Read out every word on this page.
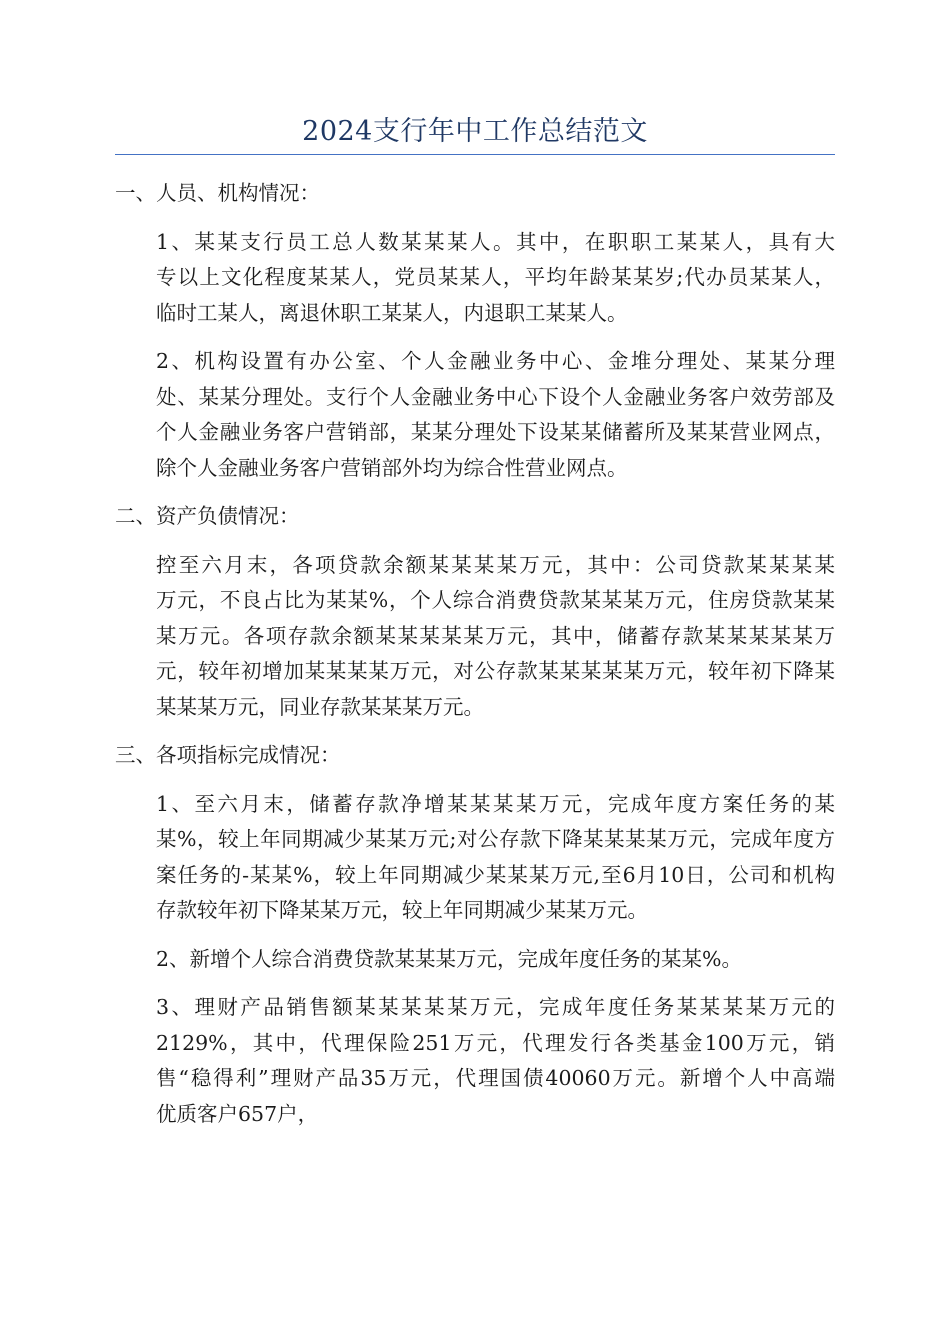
2024支行年中工作总结范文
一、人员、机构情况：
1、某某支行员工总人数某某某人。其中，在职职工某某人，具有大
专以上文化程度某某人，党员某某人，平均年龄某某岁;代办员某某人，
临时工某人，离退休职工某某人，内退职工某某人。
2、机构设置有办公室、个人金融业务中心、金堆分理处、某某分理
处、某某分理处。支行个人金融业务中心下设个人金融业务客户效劳部及
个人金融业务客户营销部，某某分理处下设某某储蓄所及某某营业网点，
除个人金融业务客户营销部外均为综合性营业网点。
二、资产负债情况：
控至六月末，各项贷款余额某某某某万元，其中：公司贷款某某某某
万元，不良占比为某某%，个人综合消费贷款某某某万元，住房贷款某某
某万元。各项存款余额某某某某某万元，其中，储蓄存款某某某某某万
元，较年初增加某某某某万元，对公存款某某某某某万元，较年初下降某
某某某万元，同业存款某某某万元。
三、各项指标完成情况：
1、至六月末，储蓄存款净增某某某某万元，完成年度方案任务的某
某%，较上年同期减少某某万元;对公存款下降某某某某万元，完成年度方
案任务的-某某%，较上年同期减少某某某万元,至6月10日，公司和机构
存款较年初下降某某万元，较上年同期减少某某万元。
2、新增个人综合消费贷款某某某万元，完成年度任务的某某%。
3、理财产品销售额某某某某某万元，完成年度任务某某某某万元的
2129%，其中，代理保险251万元，代理发行各类基金100万元，销
售“稳得利”理财产品35万元，代理国债40060万元。新增个人中高端
优质客户657户，
